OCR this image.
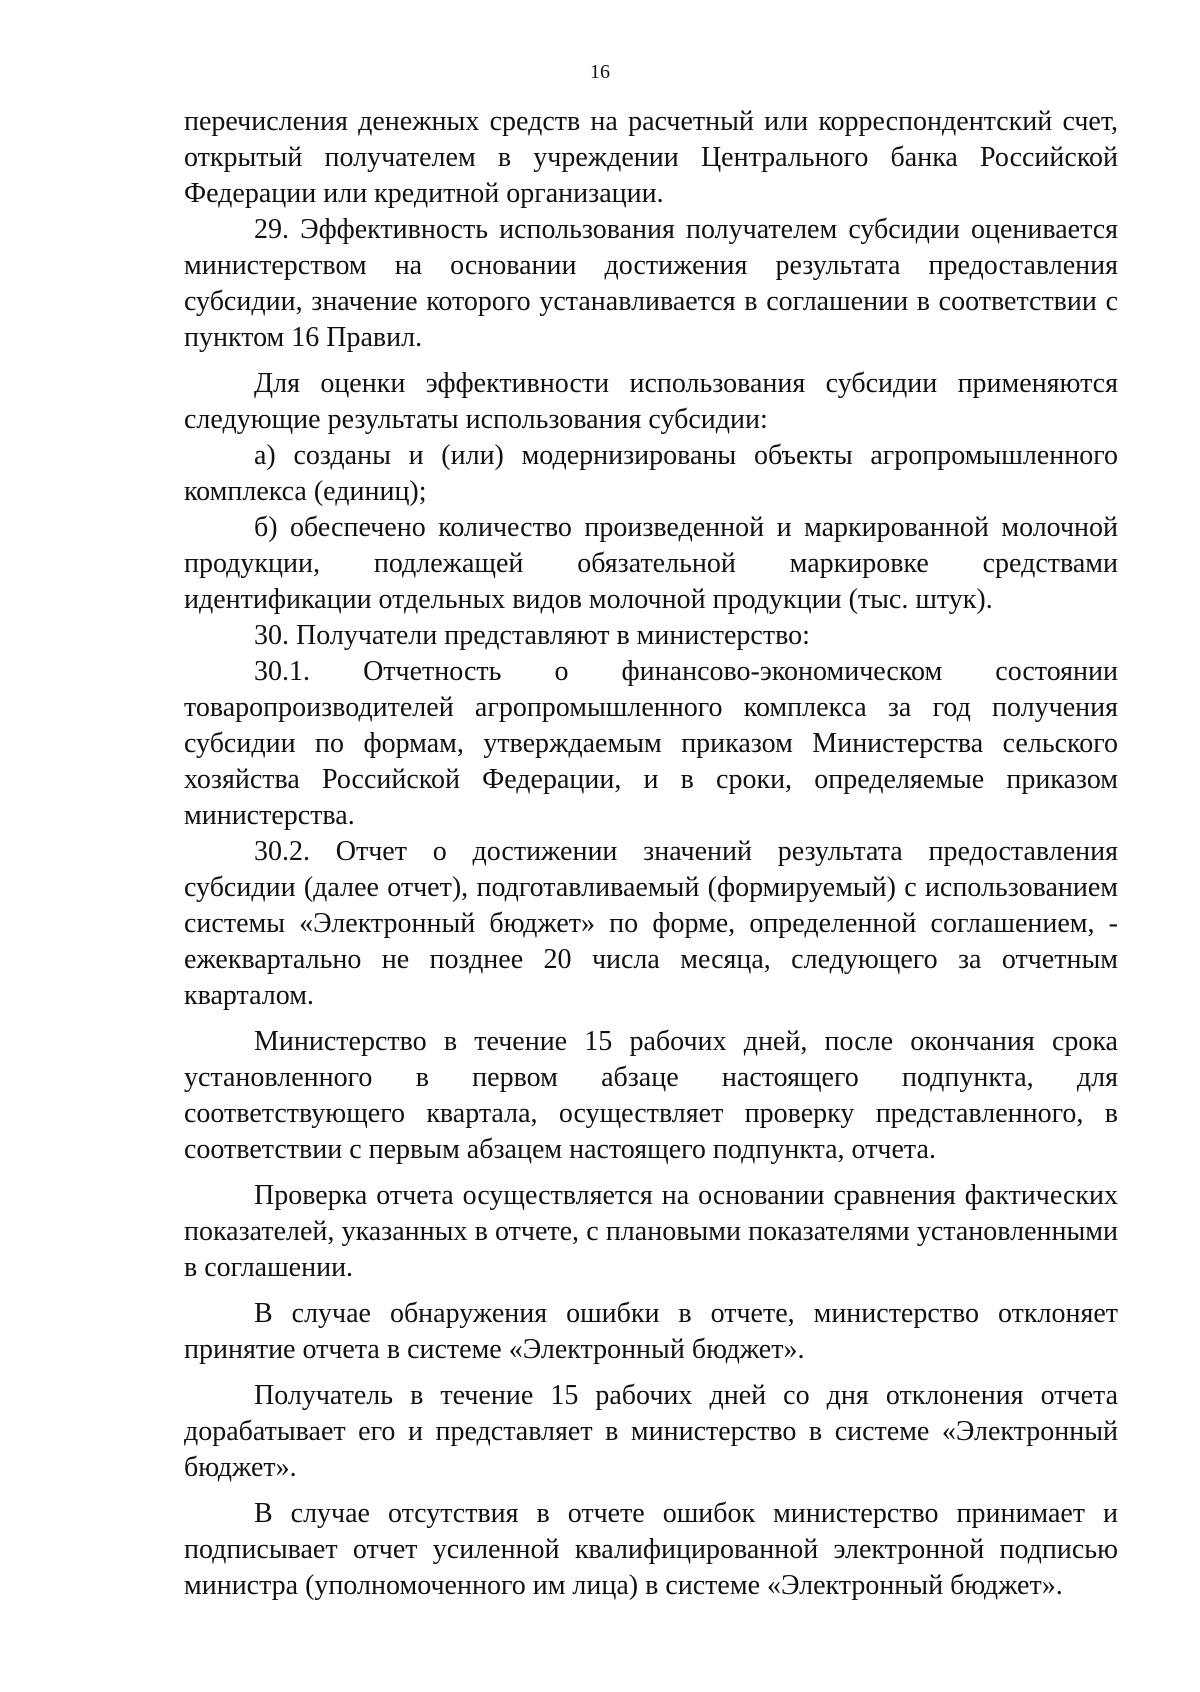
16

перечисления денежных средств на расчетный или корреспондентский счет, открытый получателем в учреждении Центрального банка Российской Федерации или кредитной организации.

29. Эффективность использования получателем субсидии оценивается министерством на основании достижения результата предоставления субсидии, значение которого устанавливается в соглашении в соответствии с пунктом 16 Правил.

Для оценки эффективности использования субсидии применяются следующие результаты использования субсидии:

а) созданы и (или) модернизированы объекты агропромышленного комплекса (единиц);

б) обеспечено количество произведенной и маркированной молочной продукции, подлежащей обязательной маркировке средствами идентификации отдельных видов молочной продукции (тыс. штук).

30. Получатели представляют в министерство:

30.1. Отчетность о финансово-экономическом состоянии товаропроизводителей агропромышленного комплекса за год получения субсидии по формам, утверждаемым приказом Министерства сельского хозяйства Российской Федерации, и в сроки, определяемые приказом министерства.

30.2. Отчет о достижении значений результата предоставления субсидии (далее отчет), подготавливаемый (формируемый) с использованием системы «Электронный бюджет» по форме, определенной соглашением, - ежеквартально не позднее 20 числа месяца, следующего за отчетным кварталом.

Министерство в течение 15 рабочих дней, после окончания срока установленного в первом абзаце настоящего подпункта, для соответствующего квартала, осуществляет проверку представленного, в соответствии с первым абзацем настоящего подпункта, отчета.

Проверка отчета осуществляется на основании сравнения фактических показателей, указанных в отчете, с плановыми показателями установленными в соглашении.

В случае обнаружения ошибки в отчете, министерство отклоняет принятие отчета в системе «Электронный бюджет».

Получатель в течение 15 рабочих дней со дня отклонения отчета дорабатывает его и представляет в министерство в системе «Электронный бюджет».

В случае отсутствия в отчете ошибок министерство принимает и подписывает отчет усиленной квалифицированной электронной подписью министра (уполномоченного им лица) в системе «Электронный бюджет».
